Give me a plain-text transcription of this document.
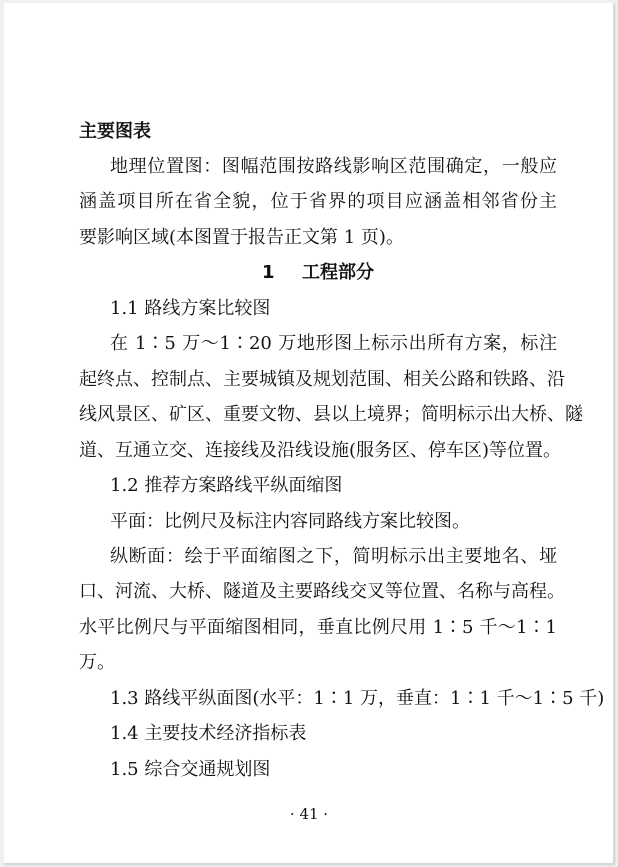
主要图表
地理位置图：图幅范围按路线影响区范围确定，一般应
涵盖项目所在省全貌，位于省界的项目应涵盖相邻省份主
要影响区域(本图置于报告正文第 1 页)。
1 工程部分
1.1 路线方案比较图
在 1∶5 万～1∶20 万地形图上标示出所有方案，标注
起终点、控制点、主要城镇及规划范围、相关公路和铁路、沿
线风景区、矿区、重要文物、县以上境界；简明标示出大桥、隧
道、互通立交、连接线及沿线设施(服务区、停车区)等位置。
1.2 推荐方案路线平纵面缩图
平面：比例尺及标注内容同路线方案比较图。
纵断面：绘于平面缩图之下，简明标示出主要地名、垭
口、河流、大桥、隧道及主要路线交叉等位置、名称与高程。
水平比例尺与平面缩图相同，垂直比例尺用 1∶5 千～1∶1
万。
1.3 路线平纵面图(水平：1∶1 万，垂直：1∶1 千～1∶5 千)
1.4 主要技术经济指标表
1.5 综合交通规划图
· 41 ·
